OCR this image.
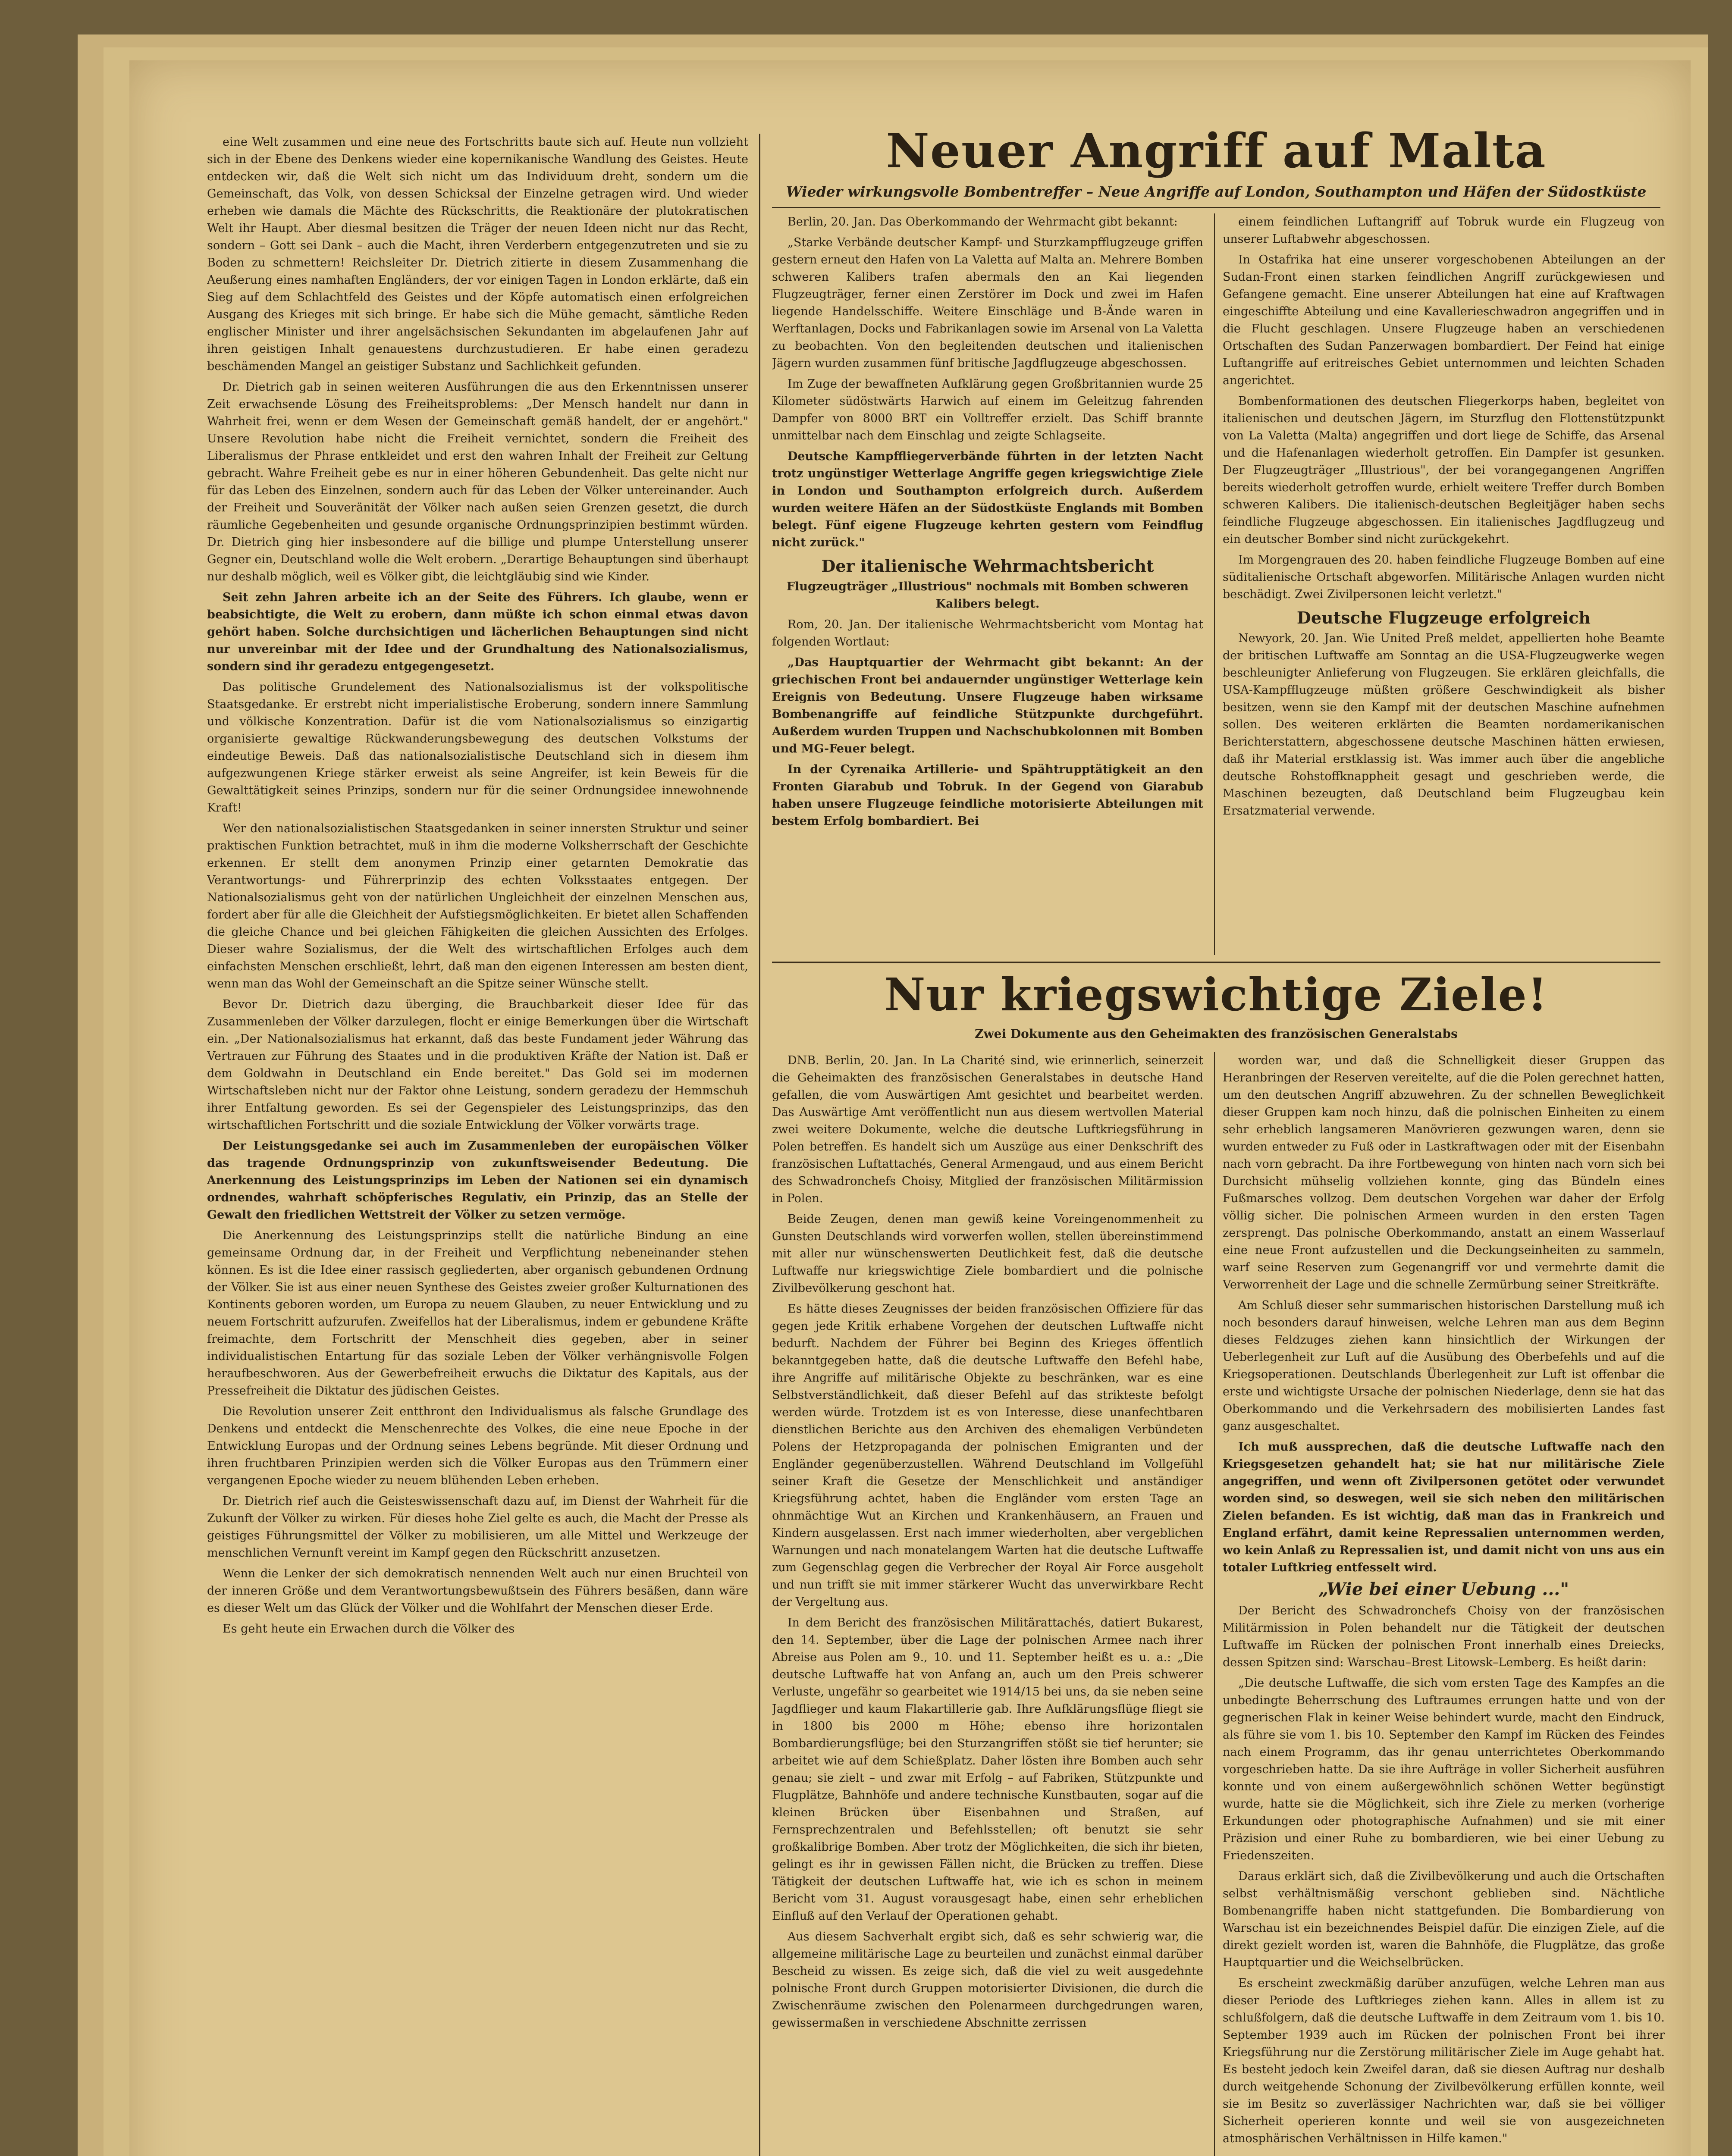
eine Welt zusammen und eine neue des Fortschritts baute sich auf. Heute nun vollzieht sich in der Ebene des Denkens wieder eine kopernikanische Wandlung des Geistes. Heute entdecken wir, daß die Welt sich nicht um das Individuum dreht, sondern um die Gemeinschaft, das Volk, von dessen Schicksal der Einzelne getragen wird. Und wieder erheben wie damals die Mächte des Rückschritts, die Reaktionäre der plutokratischen Welt ihr Haupt. Aber diesmal besitzen die Träger der neuen Ideen nicht nur das Recht, sondern – Gott sei Dank – auch die Macht, ihren Verderbern entgegenzutreten und sie zu Boden zu schmettern! Reichsleiter Dr. Dietrich zitierte in diesem Zusammenhang die Aeußerung eines namhaften Engländers, der vor einigen Tagen in London erklärte, daß ein Sieg auf dem Schlachtfeld des Geistes und der Köpfe automatisch einen erfolgreichen Ausgang des Krieges mit sich bringe. Er habe sich die Mühe gemacht, sämtliche Reden englischer Minister und ihrer angelsächsischen Sekundanten im abgelaufenen Jahr auf ihren geistigen Inhalt genauestens durchzustudieren. Er habe einen geradezu beschämenden Mangel an geistiger Substanz und Sachlichkeit gefunden.

Dr. Dietrich gab in seinen weiteren Ausführungen die aus den Erkenntnissen unserer Zeit erwachsende Lösung des Freiheitsproblems: „Der Mensch handelt nur dann in Wahrheit frei, wenn er dem Wesen der Gemeinschaft gemäß handelt, der er angehört." Unsere Revolution habe nicht die Freiheit vernichtet, sondern die Freiheit des Liberalismus der Phrase entkleidet und erst den wahren Inhalt der Freiheit zur Geltung gebracht. Wahre Freiheit gebe es nur in einer höheren Gebundenheit. Das gelte nicht nur für das Leben des Einzelnen, sondern auch für das Leben der Völker untereinander. Auch der Freiheit und Souveränität der Völker nach außen seien Grenzen gesetzt, die durch räumliche Gegebenheiten und gesunde organische Ordnungsprinzipien bestimmt würden. Dr. Dietrich ging hier insbesondere auf die billige und plumpe Unterstellung unserer Gegner ein, Deutschland wolle die Welt erobern. „Derartige Behauptungen sind überhaupt nur deshalb möglich, weil es Völker gibt, die leichtgläubig sind wie Kinder.

Seit zehn Jahren arbeite ich an der Seite des Führers. Ich glaube, wenn er beabsichtigte, die Welt zu erobern, dann müßte ich schon einmal etwas davon gehört haben. Solche durchsichtigen und lächerlichen Behauptungen sind nicht nur unvereinbar mit der Idee und der Grundhaltung des Nationalsozialismus, sondern sind ihr geradezu entgegengesetzt.

Das politische Grundelement des Nationalsozialismus ist der volkspolitische Staatsgedanke. Er erstrebt nicht imperialistische Eroberung, sondern innere Sammlung und völkische Konzentration. Dafür ist die vom Nationalsozialismus so einzigartig organisierte gewaltige Rückwanderungsbewegung des deutschen Volkstums der eindeutige Beweis. Daß das nationalsozialistische Deutschland sich in diesem ihm aufgezwungenen Kriege stärker erweist als seine Angreifer, ist kein Beweis für die Gewalttätigkeit seines Prinzips, sondern nur für die seiner Ordnungsidee innewohnende Kraft!

Wer den nationalsozialistischen Staatsgedanken in seiner innersten Struktur und seiner praktischen Funktion betrachtet, muß in ihm die moderne Volksherrschaft der Geschichte erkennen. Er stellt dem anonymen Prinzip einer getarnten Demokratie das Verantwortungs- und Führerprinzip des echten Volksstaates entgegen. Der Nationalsozialismus geht von der natürlichen Ungleichheit der einzelnen Menschen aus, fordert aber für alle die Gleichheit der Aufstiegsmöglichkeiten. Er bietet allen Schaffenden die gleiche Chance und bei gleichen Fähigkeiten die gleichen Aussichten des Erfolges. Dieser wahre Sozialismus, der die Welt des wirtschaftlichen Erfolges auch dem einfachsten Menschen erschließt, lehrt, daß man den eigenen Interessen am besten dient, wenn man das Wohl der Gemeinschaft an die Spitze seiner Wünsche stellt.

Bevor Dr. Dietrich dazu überging, die Brauchbarkeit dieser Idee für das Zusammenleben der Völker darzulegen, flocht er einige Bemerkungen über die Wirtschaft ein. „Der Nationalsozialismus hat erkannt, daß das beste Fundament jeder Währung das Vertrauen zur Führung des Staates und in die produktiven Kräfte der Nation ist. Daß er dem Goldwahn in Deutschland ein Ende bereitet." Das Gold sei im modernen Wirtschaftsleben nicht nur der Faktor ohne Leistung, sondern geradezu der Hemmschuh ihrer Entfaltung geworden. Es sei der Gegenspieler des Leistungsprinzips, das den wirtschaftlichen Fortschritt und die soziale Entwicklung der Völker vorwärts trage.

Der Leistungsgedanke sei auch im Zusammenleben der europäischen Völker das tragende Ordnungsprinzip von zukunftsweisender Bedeutung. Die Anerkennung des Leistungsprinzips im Leben der Nationen sei ein dynamisch ordnendes, wahrhaft schöpferisches Regulativ, ein Prinzip, das an Stelle der Gewalt den friedlichen Wettstreit der Völker zu setzen vermöge.

Die Anerkennung des Leistungsprinzips stellt die natürliche Bindung an eine gemeinsame Ordnung dar, in der Freiheit und Verpflichtung nebeneinander stehen können. Es ist die Idee einer rassisch gegliederten, aber organisch gebundenen Ordnung der Völker. Sie ist aus einer neuen Synthese des Geistes zweier großer Kulturnationen des Kontinents geboren worden, um Europa zu neuem Glauben, zu neuer Entwicklung und zu neuem Fortschritt aufzurufen. Zweifellos hat der Liberalismus, indem er gebundene Kräfte freimachte, dem Fortschritt der Menschheit dies gegeben, aber in seiner individualistischen Entartung für das soziale Leben der Völker verhängnisvolle Folgen heraufbeschworen. Aus der Gewerbefreiheit erwuchs die Diktatur des Kapitals, aus der Pressefreiheit die Diktatur des jüdischen Geistes.

Die Revolution unserer Zeit entthront den Individualismus als falsche Grundlage des Denkens und entdeckt die Menschenrechte des Volkes, die eine neue Epoche in der Entwicklung Europas und der Ordnung seines Lebens begründe. Mit dieser Ordnung und ihren fruchtbaren Prinzipien werden sich die Völker Europas aus den Trümmern einer vergangenen Epoche wieder zu neuem blühenden Leben erheben.

Dr. Dietrich rief auch die Geisteswissenschaft dazu auf, im Dienst der Wahrheit für die Zukunft der Völker zu wirken. Für dieses hohe Ziel gelte es auch, die Macht der Presse als geistiges Führungsmittel der Völker zu mobilisieren, um alle Mittel und Werkzeuge der menschlichen Vernunft vereint im Kampf gegen den Rückschritt anzusetzen.

Wenn die Lenker der sich demokratisch nennenden Welt auch nur einen Bruchteil von der inneren Größe und dem Verantwortungsbewußtsein des Führers besäßen, dann wäre es dieser Welt um das Glück der Völker und die Wohlfahrt der Menschen dieser Erde.

Es geht heute ein Erwachen durch die Völker des

Neuer Angriff auf Malta
Wieder wirkungsvolle Bombentreffer – Neue Angriffe auf London, Southampton und Häfen der Südostküste

Berlin, 20. Jan. Das Oberkommando der Wehrmacht gibt bekannt:

„Starke Verbände deutscher Kampf- und Sturzkampfflugzeuge griffen gestern erneut den Hafen von La Valetta auf Malta an. Mehrere Bomben schweren Kalibers trafen abermals den an Kai liegenden Flugzeugträger, ferner einen Zerstörer im Dock und zwei im Hafen liegende Handelsschiffe. Weitere Einschläge und B-Ände waren in Werftanlagen, Docks und Fabrikanlagen sowie im Arsenal von La Valetta zu beobachten. Von den begleitenden deutschen und italienischen Jägern wurden zusammen fünf britische Jagdflugzeuge abgeschossen.

Im Zuge der bewaffneten Aufklärung gegen Großbritannien wurde 25 Kilometer südöstwärts Harwich auf einem im Geleitzug fahrenden Dampfer von 8000 BRT ein Volltreffer erzielt. Das Schiff brannte unmittelbar nach dem Einschlag und zeigte Schlagseite.

Deutsche Kampffliegerverbände führten in der letzten Nacht trotz ungünstiger Wetterlage Angriffe gegen kriegswichtige Ziele in London und Southampton erfolgreich durch. Außerdem wurden weitere Häfen an der Südostküste Englands mit Bomben belegt. Fünf eigene Flugzeuge kehrten gestern vom Feindflug nicht zurück."

Der italienische Wehrmachtsbericht

Flugzeugträger „Illustrious" nochmals mit Bomben schweren Kalibers belegt.

Rom, 20. Jan. Der italienische Wehrmachtsbericht vom Montag hat folgenden Wortlaut:

„Das Hauptquartier der Wehrmacht gibt bekannt: An der griechischen Front bei andauernder ungünstiger Wetterlage kein Ereignis von Bedeutung. Unsere Flugzeuge haben wirksame Bombenangriffe auf feindliche Stützpunkte durchgeführt. Außerdem wurden Truppen und Nachschubkolonnen mit Bomben und MG-Feuer belegt.

In der Cyrenaika Artillerie- und Spähtrupptätigkeit an den Fronten Giarabub und Tobruk. In der Gegend von Giarabub haben unsere Flugzeuge feindliche motorisierte Abteilungen mit bestem Erfolg bombardiert. Bei

einem feindlichen Luftangriff auf Tobruk wurde ein Flugzeug von unserer Luftabwehr abgeschossen.

In Ostafrika hat eine unserer vorgeschobenen Abteilungen an der Sudan-Front einen starken feindlichen Angriff zurückgewiesen und Gefangene gemacht. Eine unserer Abteilungen hat eine auf Kraftwagen eingeschiffte Abteilung und eine Kavallerieschwadron angegriffen und in die Flucht geschlagen. Unsere Flugzeuge haben an verschiedenen Ortschaften des Sudan Panzerwagen bombardiert. Der Feind hat einige Luftangriffe auf eritreisches Gebiet unternommen und leichten Schaden angerichtet.

Bombenformationen des deutschen Fliegerkorps haben, begleitet von italienischen und deutschen Jägern, im Sturzflug den Flottenstützpunkt von La Valetta (Malta) angegriffen und dort liege de Schiffe, das Arsenal und die Hafenanlagen wiederholt getroffen. Ein Dampfer ist gesunken. Der Flugzeugträger „Illustrious", der bei vorangegangenen Angriffen bereits wiederholt getroffen wurde, erhielt weitere Treffer durch Bomben schweren Kalibers. Die italienisch-deutschen Begleitjäger haben sechs feindliche Flugzeuge abgeschossen. Ein italienisches Jagdflugzeug und ein deutscher Bomber sind nicht zurückgekehrt.

Im Morgengrauen des 20. haben feindliche Flugzeuge Bomben auf eine süditalienische Ortschaft abgeworfen. Militärische Anlagen wurden nicht beschädigt. Zwei Zivilpersonen leicht verletzt."

Deutsche Flugzeuge erfolgreich

Newyork, 20. Jan. Wie United Preß meldet, appellierten hohe Beamte der britischen Luftwaffe am Sonntag an die USA-Flugzeugwerke wegen beschleunigter Anlieferung von Flugzeugen. Sie erklären gleichfalls, die USA-Kampfflugzeuge müßten größere Geschwindigkeit als bisher besitzen, wenn sie den Kampf mit der deutschen Maschine aufnehmen sollen. Des weiteren erklärten die Beamten nordamerikanischen Berichterstattern, abgeschossene deutsche Maschinen hätten erwiesen, daß ihr Material erstklassig ist. Was immer auch über die angebliche deutsche Rohstoffknappheit gesagt und geschrieben werde, die Maschinen bezeugten, daß Deutschland beim Flugzeugbau kein Ersatzmaterial verwende.

Nur kriegswichtige Ziele!
Zwei Dokumente aus den Geheimakten des französischen Generalstabs

DNB. Berlin, 20. Jan. In La Charité sind, wie erinnerlich, seinerzeit die Geheimakten des französischen Generalstabes in deutsche Hand gefallen, die vom Auswärtigen Amt gesichtet und bearbeitet werden. Das Auswärtige Amt veröffentlicht nun aus diesem wertvollen Material zwei weitere Dokumente, welche die deutsche Luftkriegsführung in Polen betreffen. Es handelt sich um Auszüge aus einer Denkschrift des französischen Luftattachés, General Armengaud, und aus einem Bericht des Schwadronchefs Choisy, Mitglied der französischen Militärmission in Polen.

Beide Zeugen, denen man gewiß keine Voreingenommenheit zu Gunsten Deutschlands wird vorwerfen wollen, stellen übereinstimmend mit aller nur wünschenswerten Deutlichkeit fest, daß die deutsche Luftwaffe nur kriegswichtige Ziele bombardiert und die polnische Zivilbevölkerung geschont hat.

Es hätte dieses Zeugnisses der beiden französischen Offiziere für das gegen jede Kritik erhabene Vorgehen der deutschen Luftwaffe nicht bedurft. Nachdem der Führer bei Beginn des Krieges öffentlich bekanntgegeben hatte, daß die deutsche Luftwaffe den Befehl habe, ihre Angriffe auf militärische Objekte zu beschränken, war es eine Selbstverständlichkeit, daß dieser Befehl auf das strikteste befolgt werden würde. Trotzdem ist es von Interesse, diese unanfechtbaren dienstlichen Berichte aus den Archiven des ehemaligen Verbündeten Polens der Hetzpropaganda der polnischen Emigranten und der Engländer gegenüberzustellen. Während Deutschland im Vollgefühl seiner Kraft die Gesetze der Menschlichkeit und anständiger Kriegsführung achtet, haben die Engländer vom ersten Tage an ohnmächtige Wut an Kirchen und Krankenhäusern, an Frauen und Kindern ausgelassen. Erst nach immer wiederholten, aber vergeblichen Warnungen und nach monatelangem Warten hat die deutsche Luftwaffe zum Gegenschlag gegen die Verbrecher der Royal Air Force ausgeholt und nun trifft sie mit immer stärkerer Wucht das unverwirkbare Recht der Vergeltung aus.

In dem Bericht des französischen Militärattachés, datiert Bukarest, den 14. September, über die Lage der polnischen Armee nach ihrer Abreise aus Polen am 9., 10. und 11. September heißt es u. a.: „Die deutsche Luftwaffe hat von Anfang an, auch um den Preis schwerer Verluste, ungefähr so gearbeitet wie 1914/15 bei uns, da sie neben seine Jagdflieger und kaum Flakartillerie gab. Ihre Aufklärungsflüge fliegt sie in 1800 bis 2000 m Höhe; ebenso ihre horizontalen Bombardierungsflüge; bei den Sturzangriffen stößt sie tief herunter; sie arbeitet wie auf dem Schießplatz. Daher lösten ihre Bomben auch sehr genau; sie zielt – und zwar mit Erfolg – auf Fabriken, Stützpunkte und Flugplätze, Bahnhöfe und andere technische Kunstbauten, sogar auf die kleinen Brücken über Eisenbahnen und Straßen, auf Fernsprechzentralen und Befehlsstellen; oft benutzt sie sehr großkalibrige Bomben. Aber trotz der Möglichkeiten, die sich ihr bieten, gelingt es ihr in gewissen Fällen nicht, die Brücken zu treffen. Diese Tätigkeit der deutschen Luftwaffe hat, wie ich es schon in meinem Bericht vom 31. August vorausgesagt habe, einen sehr erheblichen Einfluß auf den Verlauf der Operationen gehabt.

Aus diesem Sachverhalt ergibt sich, daß es sehr schwierig war, die allgemeine militärische Lage zu beurteilen und zunächst einmal darüber Bescheid zu wissen. Es zeige sich, daß die viel zu weit ausgedehnte polnische Front durch Gruppen motorisierter Divisionen, die durch die Zwischenräume zwischen den Polenarmeen durchgedrungen waren, gewissermaßen in verschiedene Abschnitte zerrissen

worden war, und daß die Schnelligkeit dieser Gruppen das Heranbringen der Reserven vereitelte, auf die die Polen gerechnet hatten, um den deutschen Angriff abzuwehren. Zu der schnellen Beweglichkeit dieser Gruppen kam noch hinzu, daß die polnischen Einheiten zu einem sehr erheblich langsameren Manövrieren gezwungen waren, denn sie wurden entweder zu Fuß oder in Lastkraftwagen oder mit der Eisenbahn nach vorn gebracht. Da ihre Fortbewegung von hinten nach vorn sich bei Durchsicht mühselig vollziehen konnte, ging das Bündeln eines Fußmarsches vollzog. Dem deutschen Vorgehen war daher der Erfolg völlig sicher. Die polnischen Armeen wurden in den ersten Tagen zersprengt. Das polnische Oberkommando, anstatt an einem Wasserlauf eine neue Front aufzustellen und die Deckungseinheiten zu sammeln, warf seine Reserven zum Gegenangriff vor und vermehrte damit die Verworrenheit der Lage und die schnelle Zermürbung seiner Streitkräfte.

Am Schluß dieser sehr summarischen historischen Darstellung muß ich noch besonders darauf hinweisen, welche Lehren man aus dem Beginn dieses Feldzuges ziehen kann hinsichtlich der Wirkungen der Ueberlegenheit zur Luft auf die Ausübung des Oberbefehls und auf die Kriegsoperationen. Deutschlands Überlegenheit zur Luft ist offenbar die erste und wichtigste Ursache der polnischen Niederlage, denn sie hat das Oberkommando und die Verkehrsadern des mobilisierten Landes fast ganz ausgeschaltet.

Ich muß aussprechen, daß die deutsche Luftwaffe nach den Kriegsgesetzen gehandelt hat; sie hat nur militärische Ziele angegriffen, und wenn oft Zivilpersonen getötet oder verwundet worden sind, so deswegen, weil sie sich neben den militärischen Zielen befanden. Es ist wichtig, daß man das in Frankreich und England erfährt, damit keine Repressalien unternommen werden, wo kein Anlaß zu Repressalien ist, und damit nicht von uns aus ein totaler Luftkrieg entfesselt wird.

„Wie bei einer Uebung ..."

Der Bericht des Schwadronchefs Choisy von der französischen Militärmission in Polen behandelt nur die Tätigkeit der deutschen Luftwaffe im Rücken der polnischen Front innerhalb eines Dreiecks, dessen Spitzen sind: Warschau–Brest Litowsk–Lemberg. Es heißt darin:

„Die deutsche Luftwaffe, die sich vom ersten Tage des Kampfes an die unbedingte Beherrschung des Luftraumes errungen hatte und von der gegnerischen Flak in keiner Weise behindert wurde, macht den Eindruck, als führe sie vom 1. bis 10. September den Kampf im Rücken des Feindes nach einem Programm, das ihr genau unterrichtetes Oberkommando vorgeschrieben hatte. Da sie ihre Aufträge in voller Sicherheit ausführen konnte und von einem außergewöhnlich schönen Wetter begünstigt wurde, hatte sie die Möglichkeit, sich ihre Ziele zu merken (vorherige Erkundungen oder photographische Aufnahmen) und sie mit einer Präzision und einer Ruhe zu bombardieren, wie bei einer Uebung zu Friedenszeiten.

Daraus erklärt sich, daß die Zivilbevölkerung und auch die Ortschaften selbst verhältnismäßig verschont geblieben sind. Nächtliche Bombenangriffe haben nicht stattgefunden. Die Bombardierung von Warschau ist ein bezeichnendes Beispiel dafür. Die einzigen Ziele, auf die direkt gezielt worden ist, waren die Bahnhöfe, die Flugplätze, das große Hauptquartier und die Weichselbrücken.

Es erscheint zweckmäßig darüber anzufügen, welche Lehren man aus dieser Periode des Luftkrieges ziehen kann. Alles in allem ist zu schlußfolgern, daß die deutsche Luftwaffe in dem Zeitraum vom 1. bis 10. September 1939 auch im Rücken der polnischen Front bei ihrer Kriegsführung nur die Zerstörung militärischer Ziele im Auge gehabt hat. Es besteht jedoch kein Zweifel daran, daß sie diesen Auftrag nur deshalb durch weitgehende Schonung der Zivilbevölkerung erfüllen konnte, weil sie im Besitz so zuverlässiger Nachrichten war, daß sie bei völliger Sicherheit operieren konnte und weil sie von ausgezeichneten atmosphärischen Verhältnissen in Hilfe kamen."
